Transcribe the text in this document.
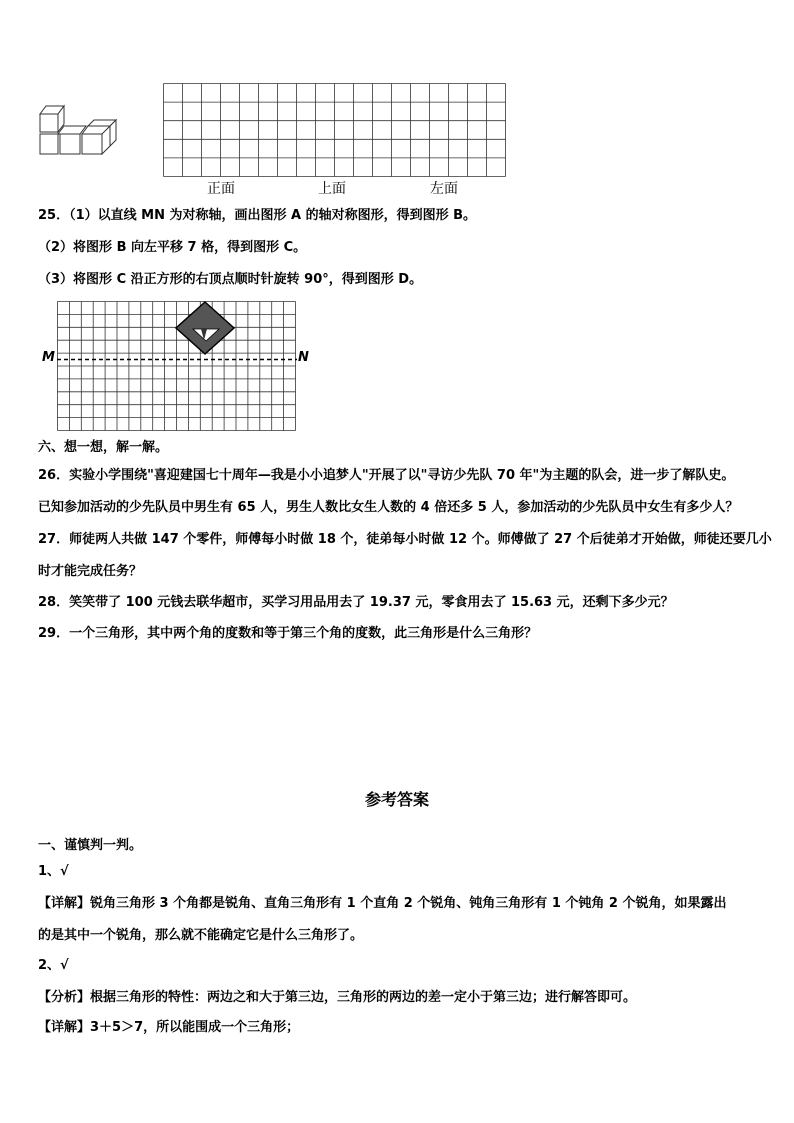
正面	上面	左面
25．（1）以直线 MN 为对称轴，画出图形 A 的轴对称图形，得到图形 B。
（2）将图形 B 向左平移 7 格，得到图形 C。
（3）将图形 C 沿正方形的右顶点顺时针旋转 90°，得到图形 D。
M	N
六、想一想，解一解。
26．实验小学围绕"喜迎建国七十周年—我是小小追梦人"开展了以"寻访少先队 70 年"为主题的队会，进一步了解队史。
已知参加活动的少先队员中男生有 65 人，男生人数比女生人数的 4 倍还多 5 人，参加活动的少先队员中女生有多少人？
27．师徒两人共做 147 个零件，师傅每小时做 18 个，徒弟每小时做 12 个。师傅做了 27 个后徒弟才开始做，师徒还要几小
时才能完成任务？
28．笑笑带了 100 元钱去联华超市，买学习用品用去了 19.37 元，零食用去了 15.63 元，还剩下多少元？
29．一个三角形，其中两个角的度数和等于第三个角的度数，此三角形是什么三角形？
参考答案
一、谨慎判一判。
1、√
【详解】锐角三角形 3 个角都是锐角、直角三角形有 1 个直角 2 个锐角、钝角三角形有 1 个钝角 2 个锐角，如果露出
的是其中一个锐角，那么就不能确定它是什么三角形了。
2、√
【分析】根据三角形的特性：两边之和大于第三边，三角形的两边的差一定小于第三边；进行解答即可。
【详解】3＋5＞7，所以能围成一个三角形；
